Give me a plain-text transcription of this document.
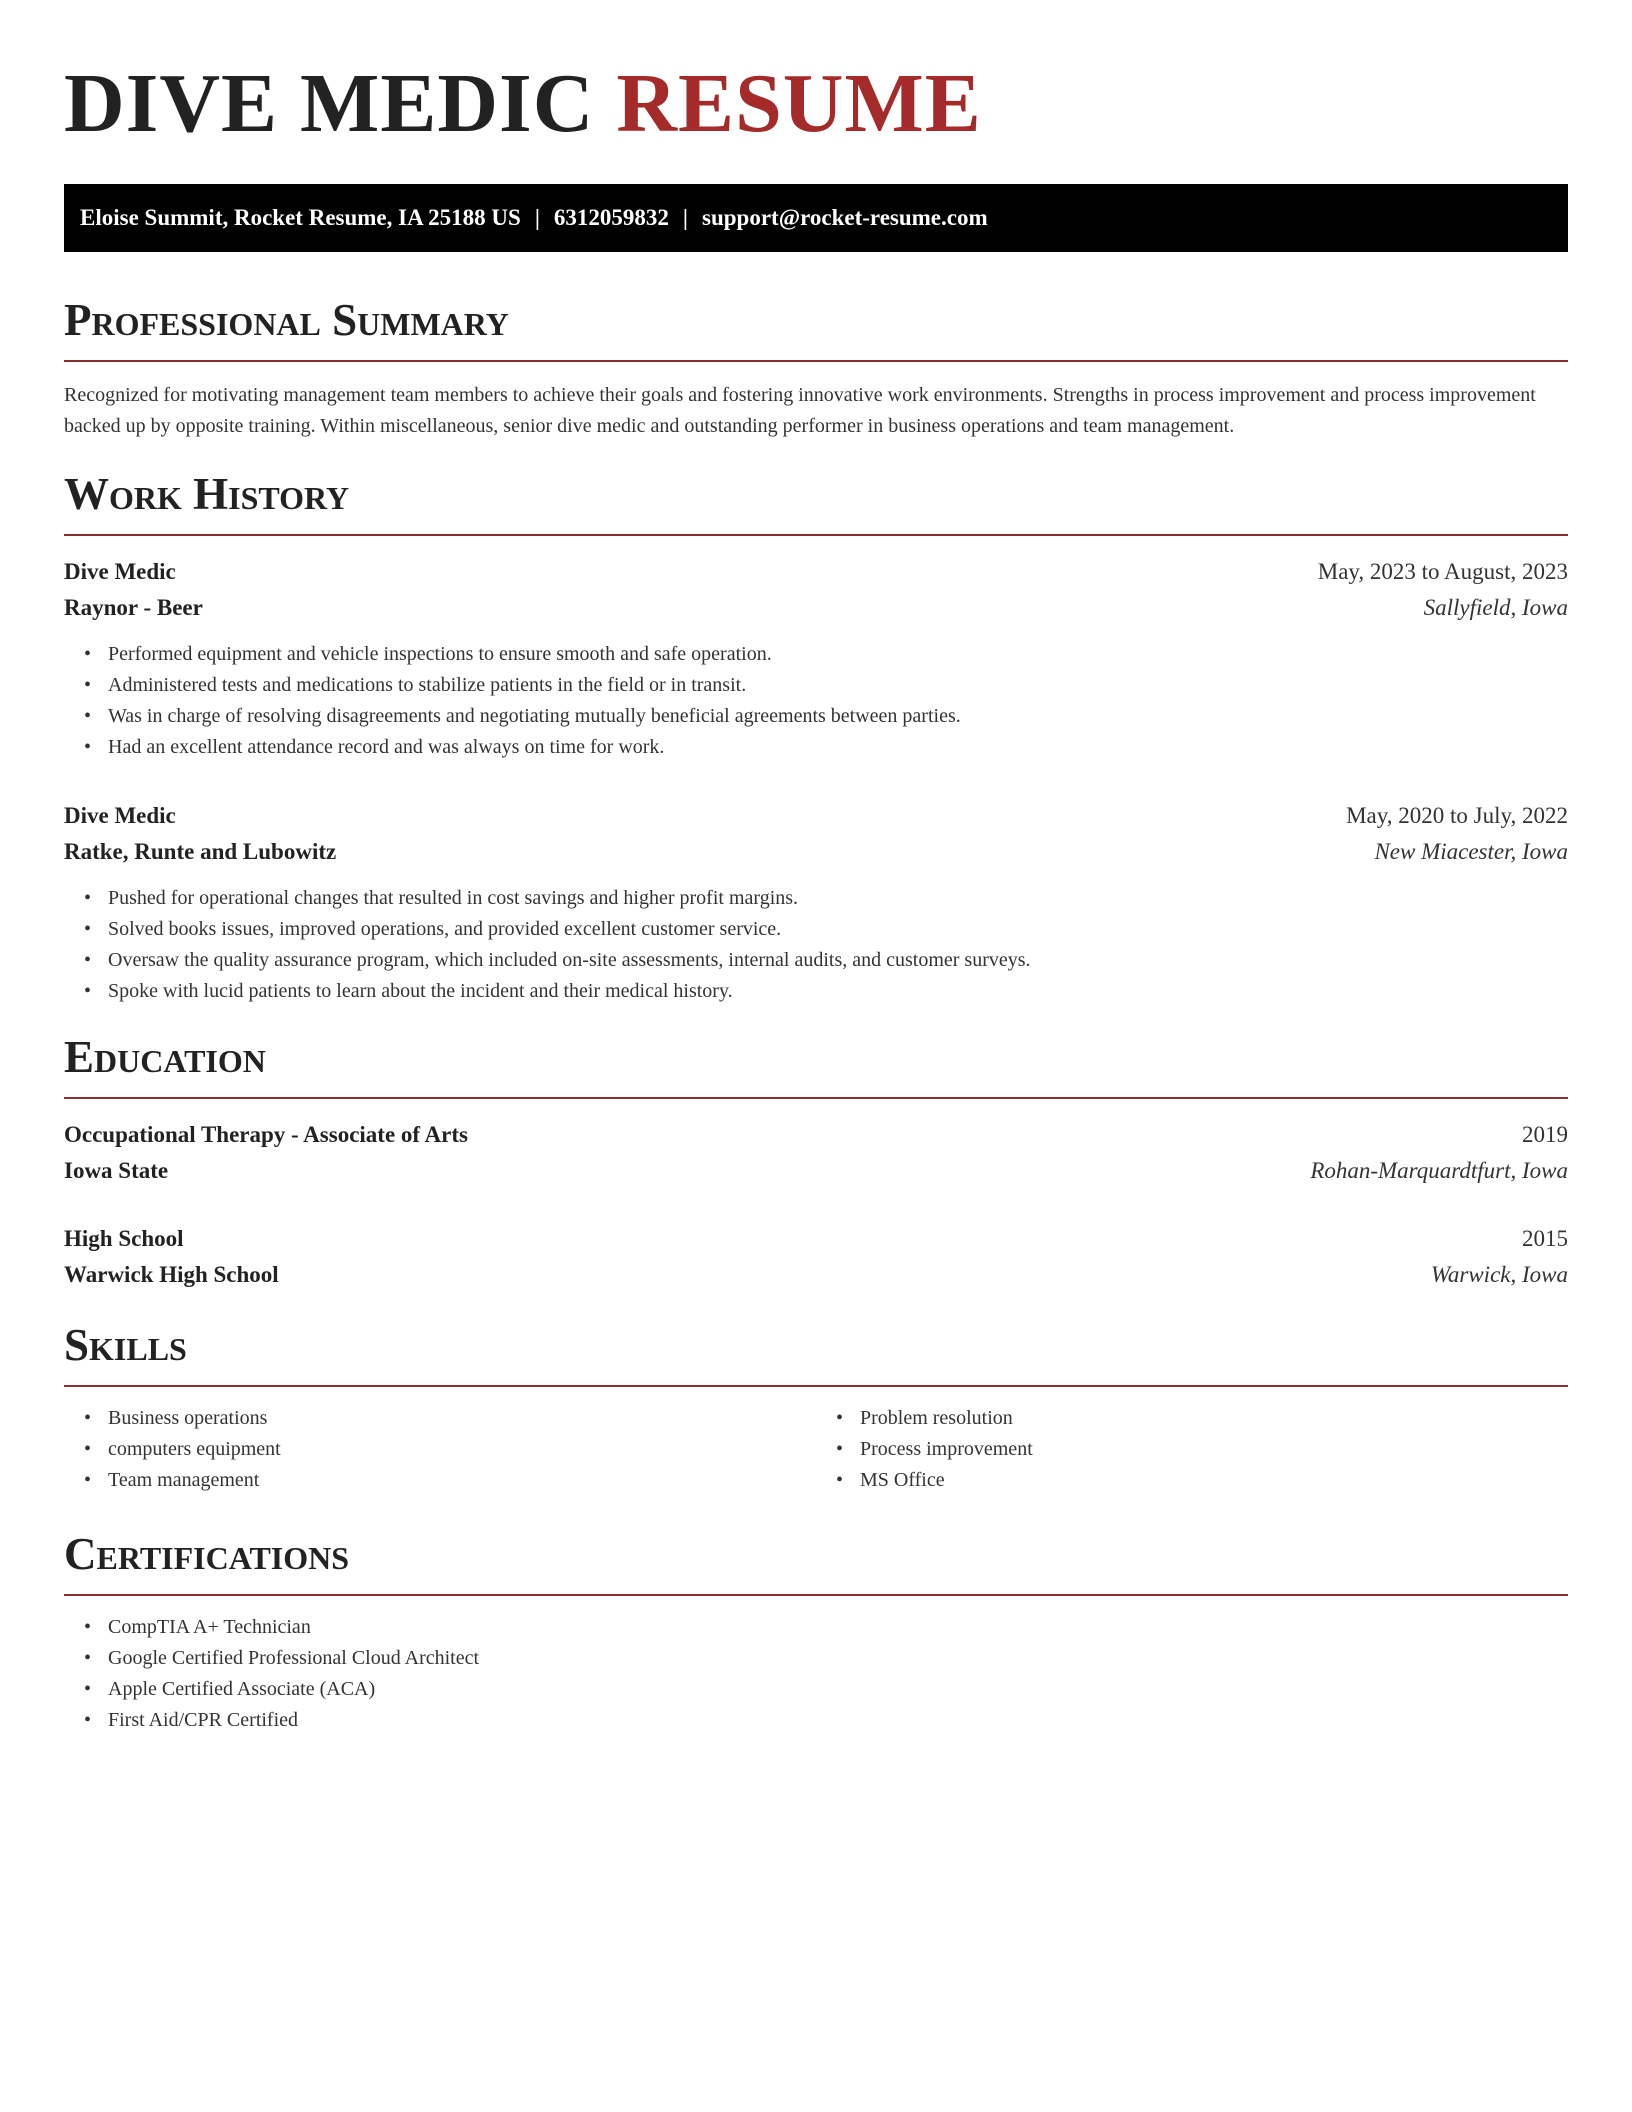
DIVE MEDIC RESUME
Eloise Summit, Rocket Resume, IA 25188 US | 6312059832 | support@rocket-resume.com
Professional Summary

Recognized for motivating management team members to achieve their goals and fostering innovative work environments. Strengths in process improvement and process improvement backed up by opposite training. Within miscellaneous, senior dive medic and outstanding performer in business operations and team management.

Work History
Dive Medic	May, 2023 to August, 2023
Raynor - Beer	Sallyfield, Iowa
• Performed equipment and vehicle inspections to ensure smooth and safe operation.
• Administered tests and medications to stabilize patients in the field or in transit.
• Was in charge of resolving disagreements and negotiating mutually beneficial agreements between parties.
• Had an excellent attendance record and was always on time for work.
Dive Medic	May, 2020 to July, 2022
Ratke, Runte and Lubowitz	New Miacester, Iowa
• Pushed for operational changes that resulted in cost savings and higher profit margins.
• Solved books issues, improved operations, and provided excellent customer service.
• Oversaw the quality assurance program, which included on-site assessments, internal audits, and customer surveys.
• Spoke with lucid patients to learn about the incident and their medical history.
Education
Occupational Therapy - Associate of Arts	2019
Iowa State	Rohan-Marquardtfurt, Iowa
High School	2015
Warwick High School	Warwick, Iowa
Skills
• Business operations
• computers equipment
• Team management
• Problem resolution
• Process improvement
• MS Office
Certifications
• CompTIA A+ Technician
• Google Certified Professional Cloud Architect
• Apple Certified Associate (ACA)
• First Aid/CPR Certified
